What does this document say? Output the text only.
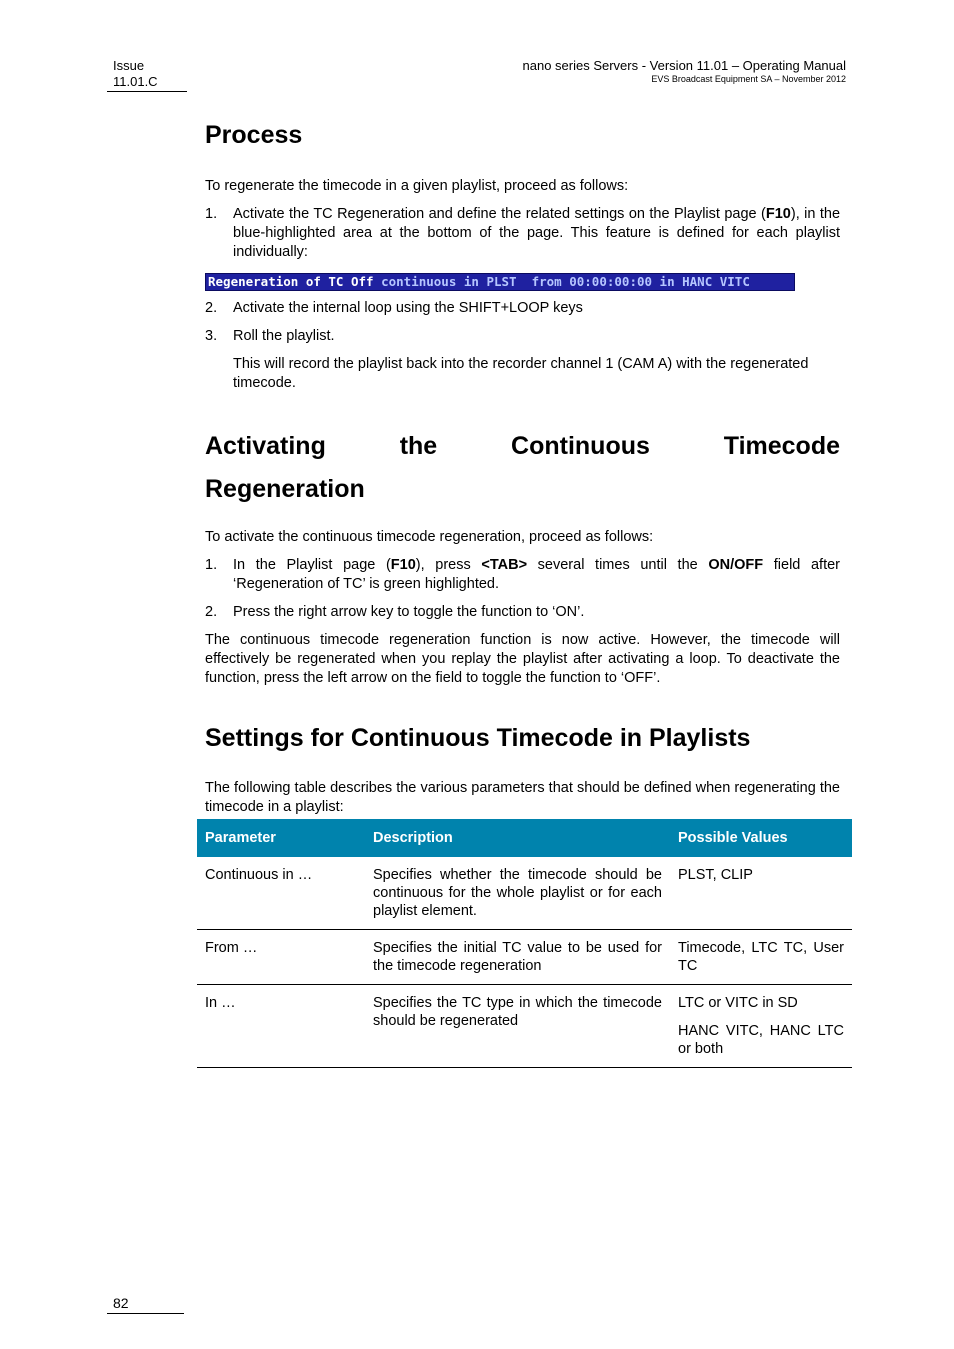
Issue
11.01.C
nano series Servers - Version 11.01 – Operating Manual
EVS Broadcast Equipment SA – November 2012
Process

To regenerate the timecode in a given playlist, proceed as follows:

1. Activate the TC Regeneration and define the related settings on the Playlist page (F10), in the blue-highlighted area at the bottom of the page. This feature is defined for each playlist individually:
Regeneration of TC Off continuous in PLST  from 00:00:00:00 in HANC VITC
2. Activate the internal loop using the SHIFT+LOOP keys
3. Roll the playlist.

This will record the playlist back into the recorder channel 1 (CAM A) with the regenerated timecode.

Activating	the	Continuous	Timecode
Regeneration

To activate the continuous timecode regeneration, proceed as follows:

1. In the Playlist page (F10), press <TAB> several times until the ON/OFF field after ‘Regeneration of TC’ is green highlighted.
2. Press the right arrow key to toggle the function to ‘ON’.

The continuous timecode regeneration function is now active. However, the timecode will effectively be regenerated when you replay the playlist after activating a loop. To deactivate the function, press the left arrow on the field to toggle the function to ‘OFF’.

Settings for Continuous Timecode in Playlists

The following table describes the various parameters that should be defined when regenerating the timecode in a playlist:

Parameter	Description	Possible Values
Continuous in …	Specifies whether the timecode should be continuous for the whole playlist or for each playlist element.	PLST, CLIP
From …	Specifies the initial TC value to be used for the timecode regeneration	Timecode, LTC TC, User TC
In …	Specifies the TC type in which the timecode should be regenerated	LTC or VITC in SD
HANC VITC, HANC LTC or both
82
